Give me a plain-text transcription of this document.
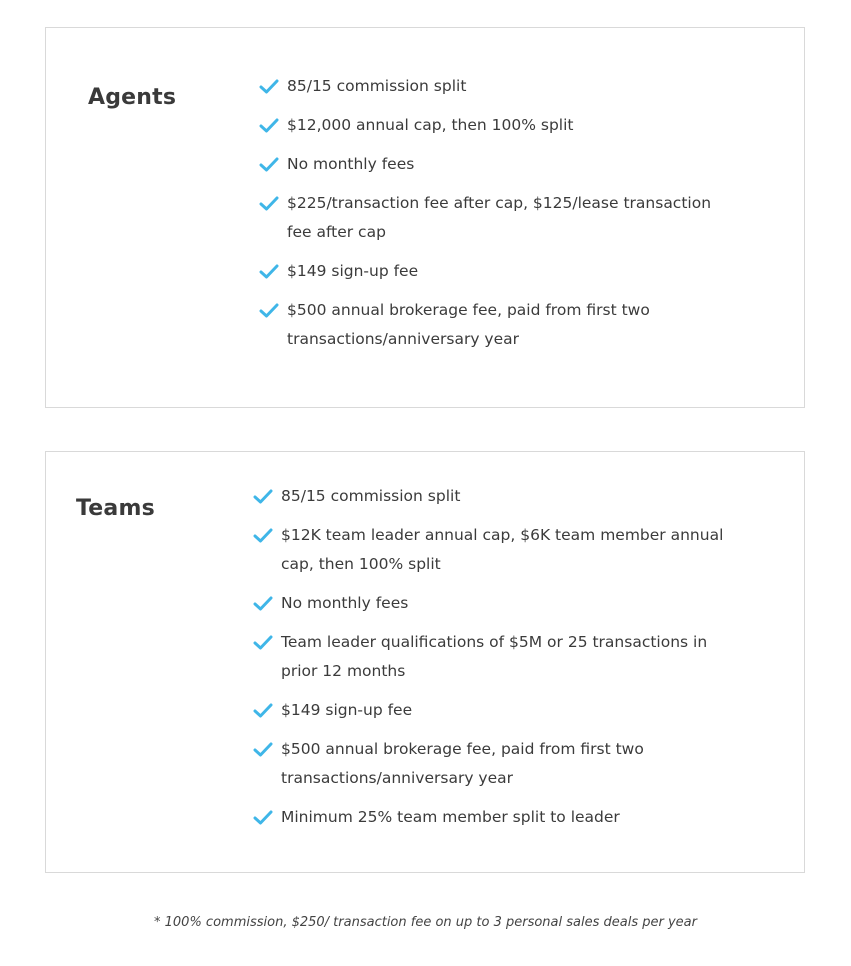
Agents	85/15 commission split
$12,000 annual cap, then 100% split
No monthly fees
$225/transaction fee after cap, $125/lease transaction fee after cap
$149 sign-up fee
$500 annual brokerage fee, paid from first two transactions/anniversary year
Teams	85/15 commission split
$12K team leader annual cap, $6K team member annual cap, then 100% split
No monthly fees
Team leader qualifications of $5M or 25 transactions in prior 12 months
$149 sign-up fee
$500 annual brokerage fee, paid from first two transactions/anniversary year
Minimum 25% team member split to leader

* 100% commission, $250/ transaction fee on up to 3 personal sales deals per year
